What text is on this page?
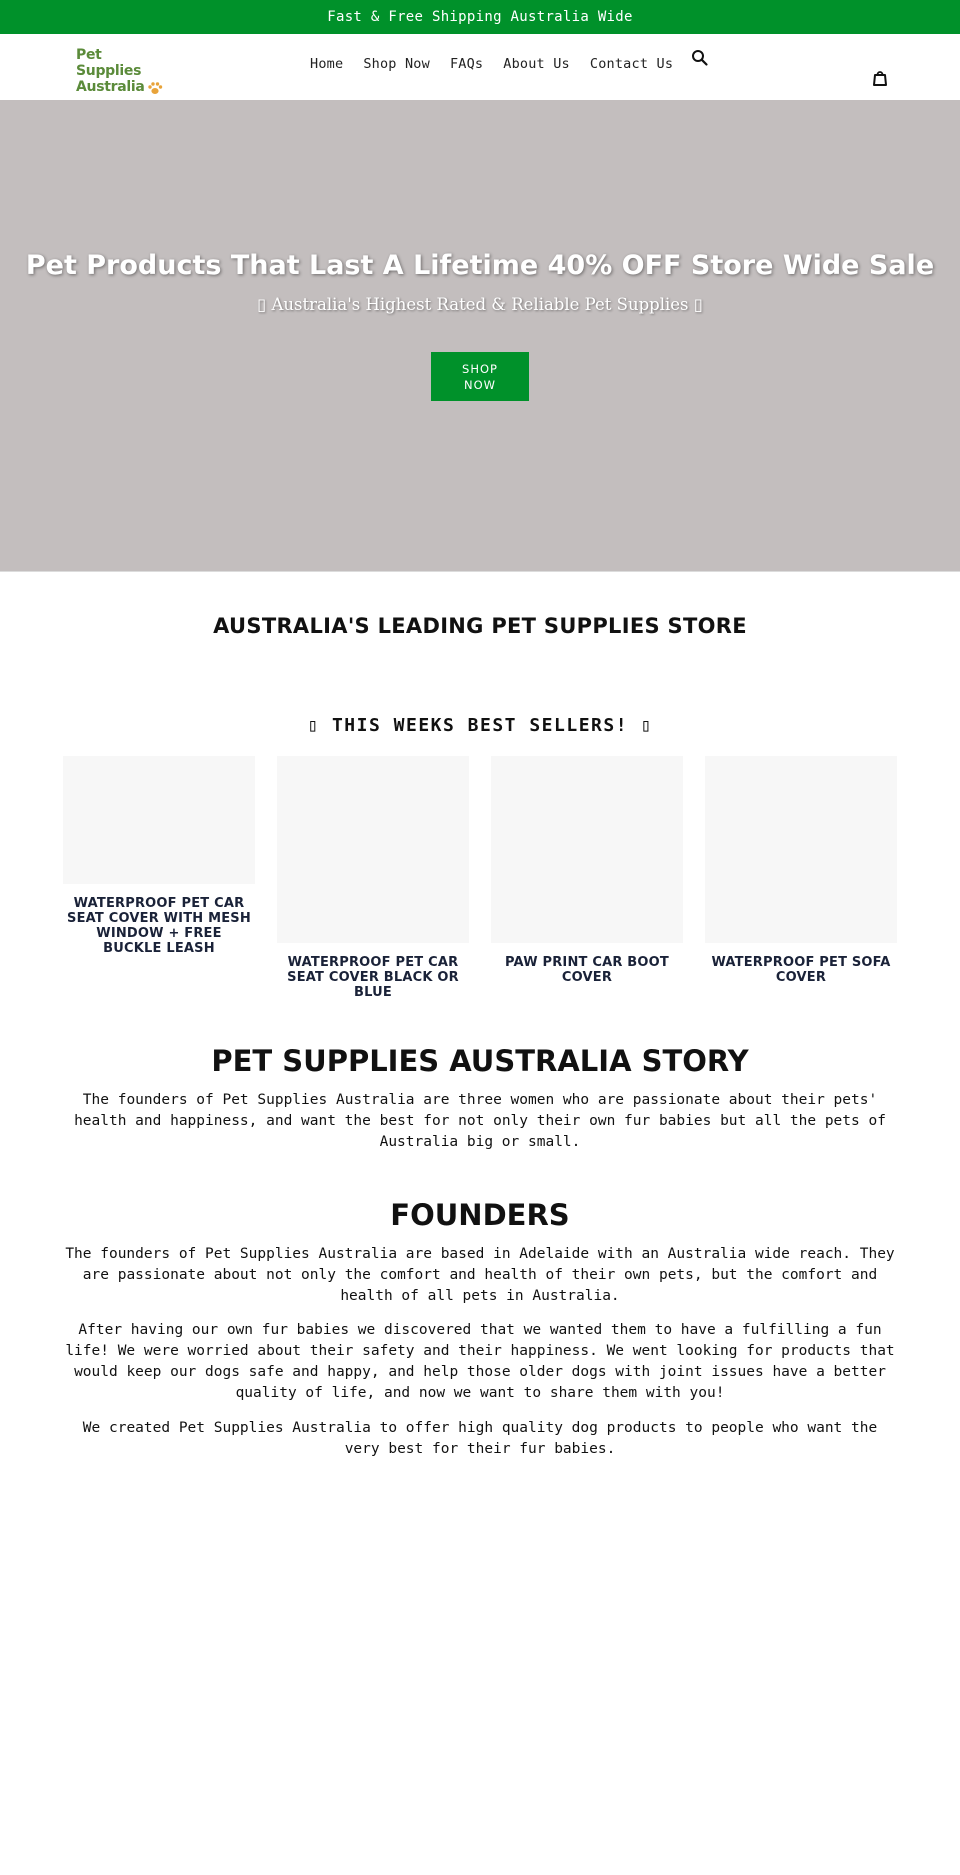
Fast & Free Shipping Australia Wide
Pet Supplies
Australia
Home	Shop Now	FAQs	About Us	Contact Us
Pet Products That Last A Lifetime 40% OFF Store Wide Sale
▯ Australia's Highest Rated & Reliable Pet Supplies ▯
SHOP NOW
AUSTRALIA'S LEADING PET SUPPLIES STORE
▯ THIS WEEKS BEST SELLERS! ▯
WATERPROOF PET CAR SEAT COVER WITH MESH WINDOW + FREE BUCKLE LEASH
WATERPROOF PET CAR SEAT COVER BLACK OR BLUE
PAW PRINT CAR BOOT COVER
WATERPROOF PET SOFA COVER
PET SUPPLIES AUSTRALIA STORY

The founders of Pet Supplies Australia are three women who are passionate about their pets' health and happiness, and want the best for not only their own fur babies but all the pets of Australia big or small.

FOUNDERS

The founders of Pet Supplies Australia are based in Adelaide with an Australia wide reach. They are passionate about not only the comfort and health of their own pets, but the comfort and health of all pets in Australia.

After having our own fur babies we discovered that we wanted them to have a fulfilling a fun life! We were worried about their safety and their happiness. We went looking for products that would keep our dogs safe and happy, and help those older dogs with joint issues have a better quality of life, and now we want to share them with you!

We created Pet Supplies Australia to offer high quality dog products to people who want the very best for their fur babies.
